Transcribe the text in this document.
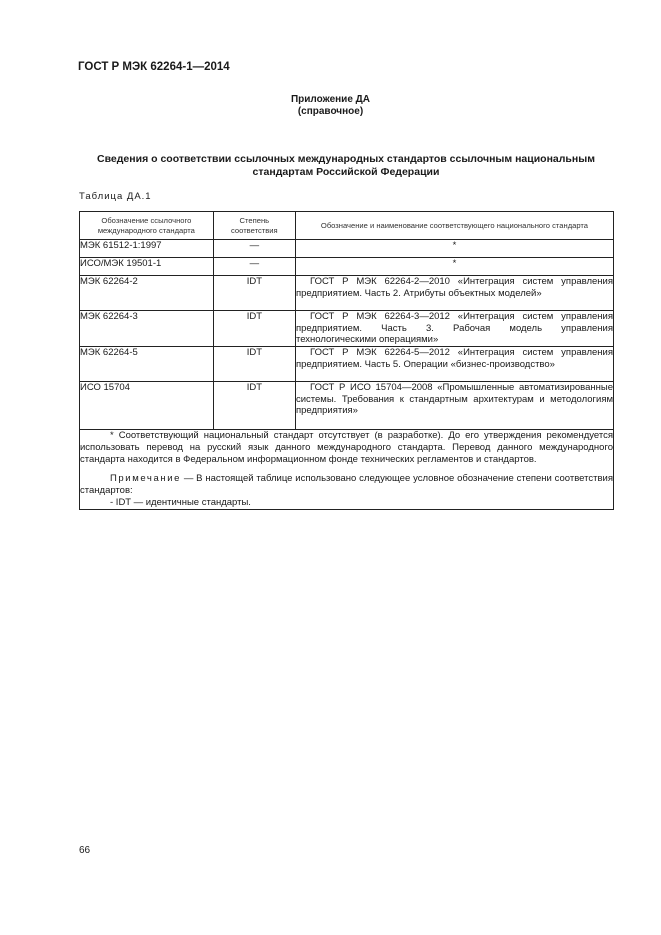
ГОСТ Р МЭК 62264-1—2014
Приложение ДА
(справочное)
Сведения о соответствии ссылочных международных стандартов ссылочным национальным
стандартам Российской Федерации
Таблица ДА.1
Обозначение ссылочного международного стандарта	Степень соответствия	Обозначение и наименование соответствующего национального стандарта
МЭК 61512-1:1997	—	*
ИСО/МЭК 19501-1	—	*
МЭК 62264-2	IDT	ГОСТ Р МЭК 62264-2—2010 «Интеграция систем управления предприятием. Часть 2. Атрибуты объектных моделей»
МЭК 62264-3	IDT	ГОСТ Р МЭК 62264-3—2012 «Интеграция систем управления предприятием. Часть 3. Рабочая модель управления технологическими операциями»
МЭК 62264-5	IDT	ГОСТ Р МЭК 62264-5—2012 «Интеграция систем управления предприятием. Часть 5. Операции «бизнес-производство»
ИСО 15704	IDT	ГОСТ Р ИСО 15704—2008 «Промышленные автоматизированные системы. Требования к стандартным архитектурам и методологиям предприятия»

* Соответствующий национальный стандарт отсутствует (в разработке). До его утверждения рекомендуется использовать перевод на русский язык данного международного стандарта. Перевод данного международного стандарта находится в Федеральном информационном фонде технических регламентов и стандартов.

Примечание — В настоящей таблице использовано следующее условное обозначение степени соответствия стандартов:

- IDT — идентичные стандарты.		

66
